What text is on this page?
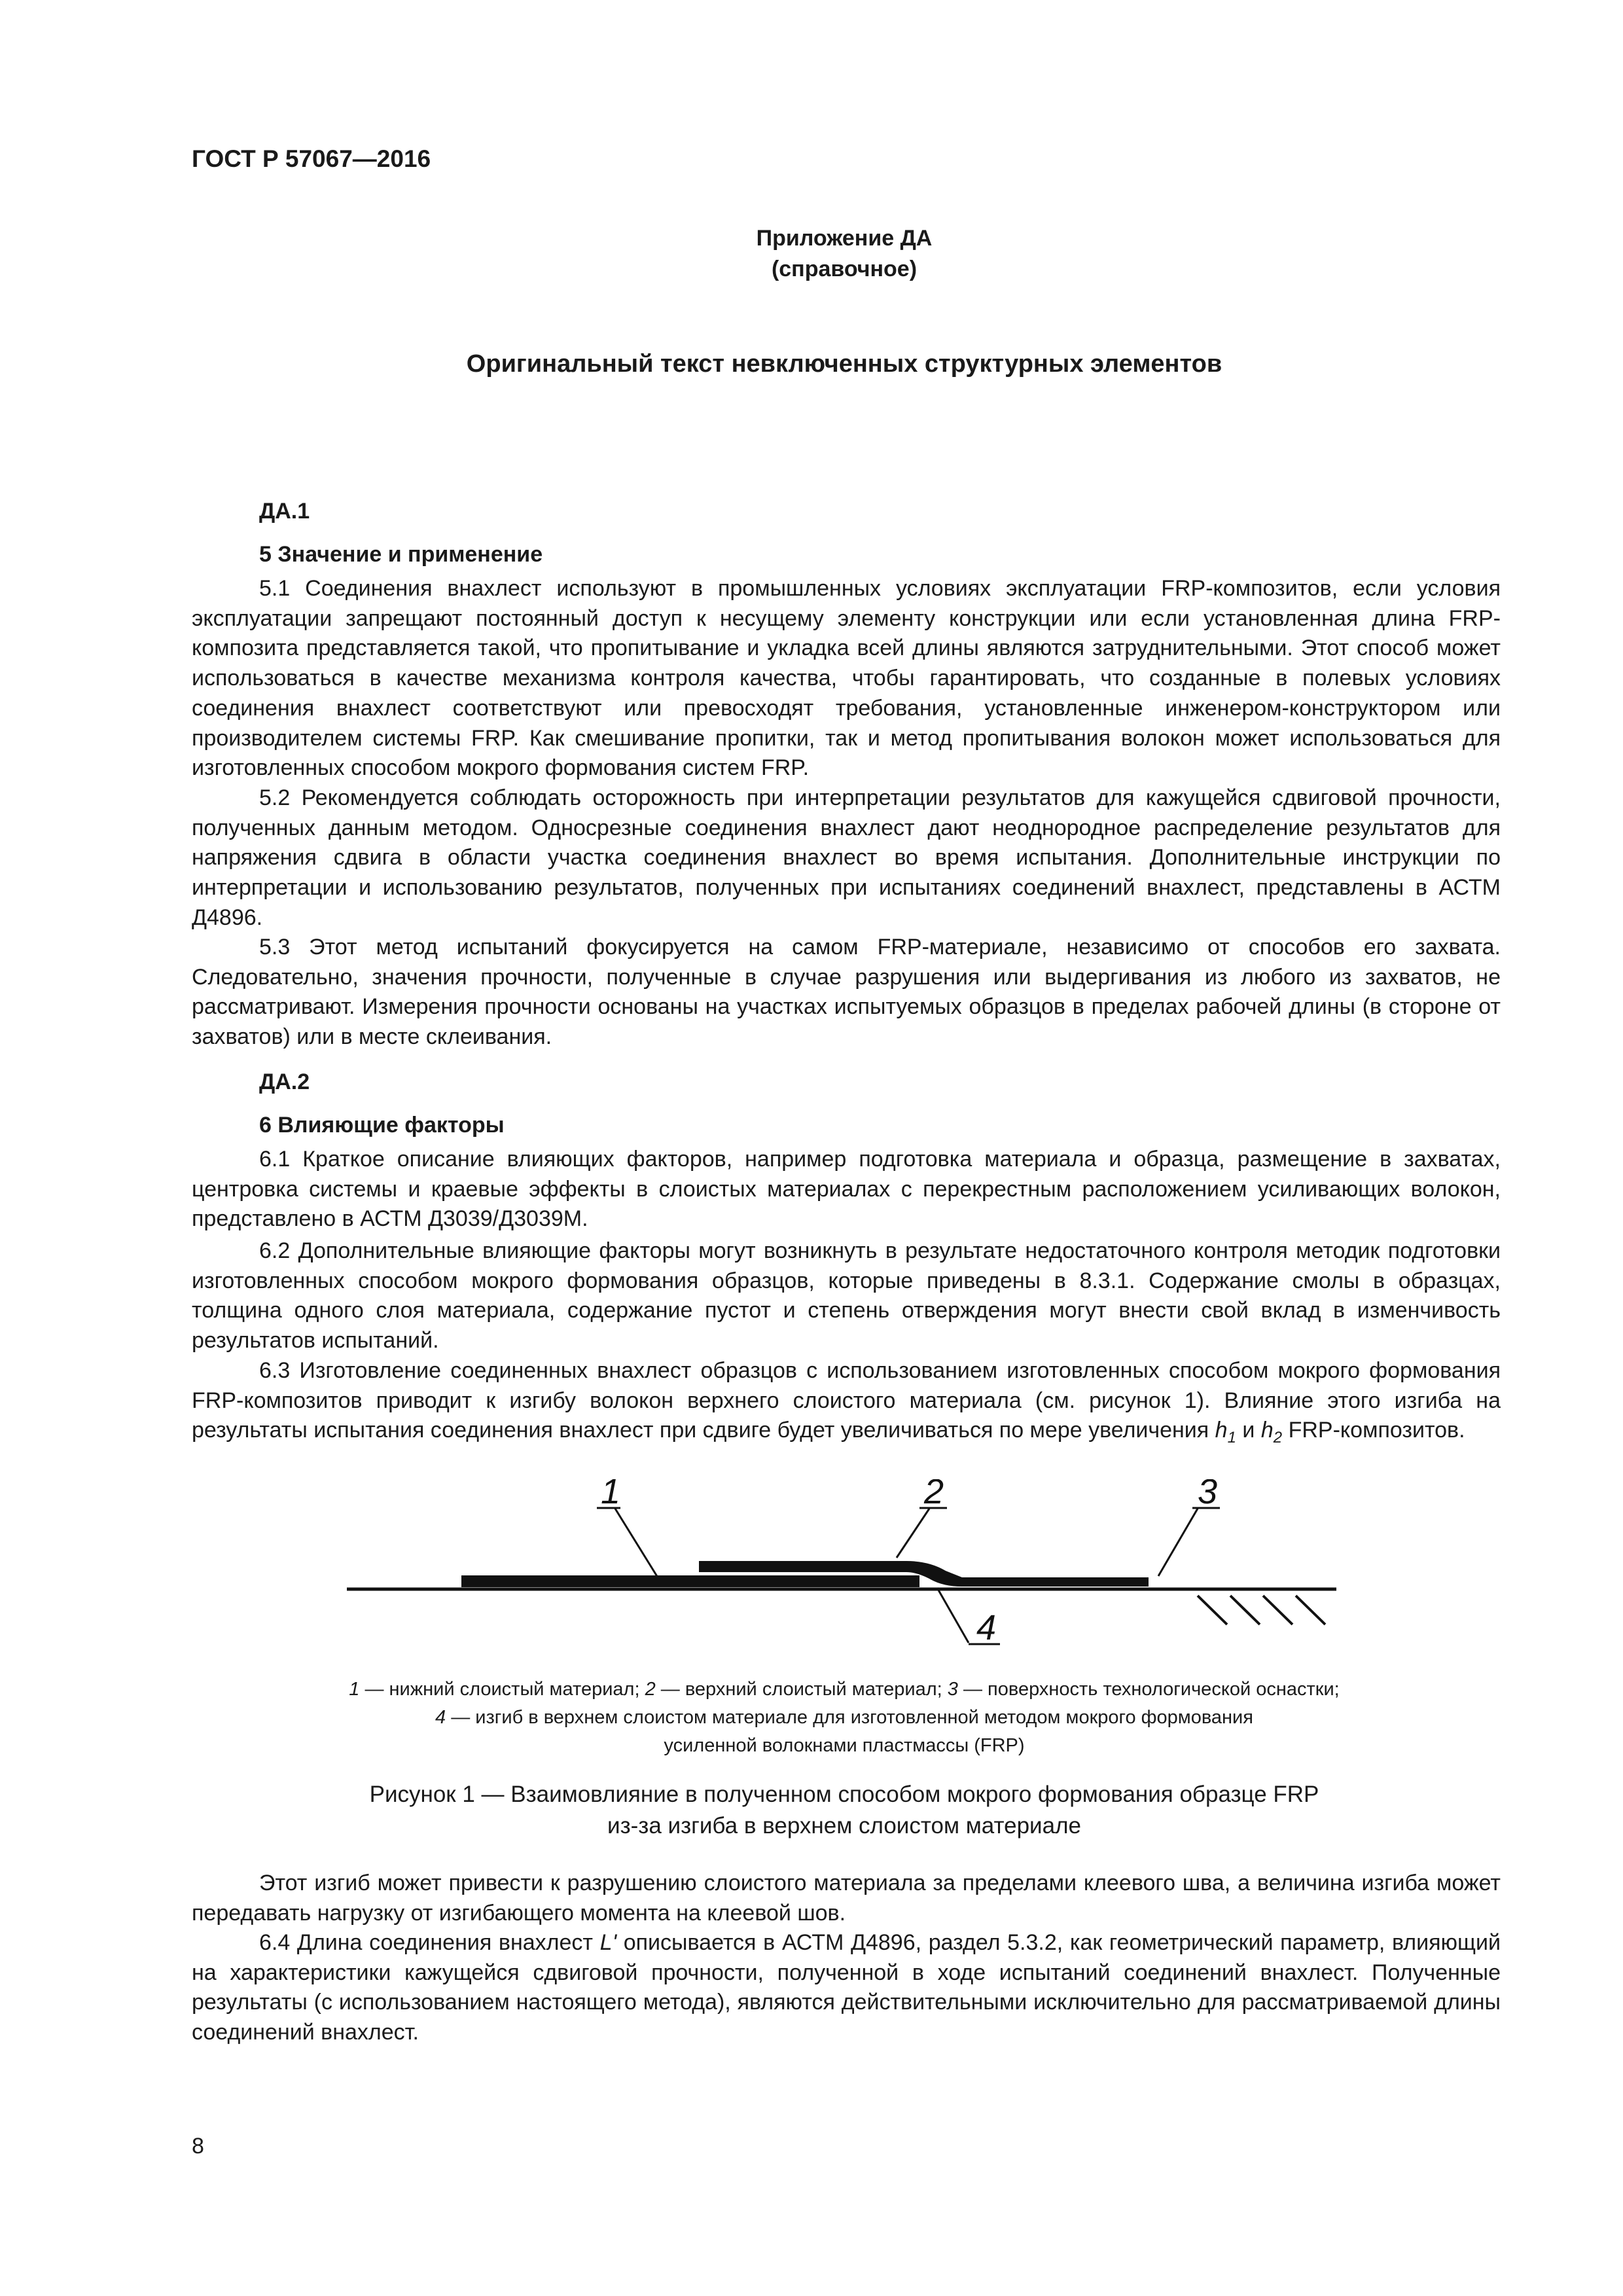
ГОСТ Р 57067—2016
Приложение ДА
(справочное)
Оригинальный текст невключенных структурных элементов
ДА.1
5 Значение и применение

5.1 Соединения внахлест используют в промышленных условиях эксплуатации FRP-композитов, если условия эксплуатации запрещают постоянный доступ к несущему элементу конструкции или если установленная длина FRP-композита представляется такой, что пропитывание и укладка всей длины являются затруднительными. Этот способ может использоваться в качестве механизма контроля качества, чтобы гарантировать, что созданные в полевых условиях соединения внахлест соответствуют или превосходят требования, установленные инженером-конструктором или производителем системы FRP. Как смешивание пропитки, так и метод пропитывания волокон может использоваться для изготовленных способом мокрого формования систем FRP.

5.2 Рекомендуется соблюдать осторожность при интерпретации результатов для кажущейся сдвиговой прочности, полученных данным методом. Односрезные соединения внахлест дают неоднородное распределение результатов для напряжения сдвига в области участка соединения внахлест во время испытания. Дополнительные инструкции по интерпретации и использованию результатов, полученных при испытаниях соединений внахлест, представлены в АСТМ Д4896.

5.3 Этот метод испытаний фокусируется на самом FRP-материале, независимо от способов его захвата. Следовательно, значения прочности, полученные в случае разрушения или выдергивания из любого из захватов, не рассматривают. Измерения прочности основаны на участках испытуемых образцов в пределах рабочей длины (в стороне от захватов) или в месте склеивания.

ДА.2
6 Влияющие факторы

6.1 Краткое описание влияющих факторов, например подготовка материала и образца, размещение в захватах, центровка системы и краевые эффекты в слоистых материалах с перекрестным расположением усиливающих волокон, представлено в АСТМ Д3039/Д3039М.

6.2 Дополнительные влияющие факторы могут возникнуть в результате недостаточного контроля методик подготовки изготовленных способом мокрого формования образцов, которые приведены в 8.3.1. Содержание смолы в образцах, толщина одного слоя материала, содержание пустот и степень отверждения могут внести свой вклад в изменчивость результатов испытаний.

6.3 Изготовление соединенных внахлест образцов с использованием изготовленных способом мокрого формования FRP-композитов приводит к изгибу волокон верхнего слоистого материала (см. рисунок 1). Влияние этого изгиба на результаты испытания соединения внахлест при сдвиге будет увеличиваться по мере увеличения $h_1$ и $h_2$ FRP-композитов.

1	2	3
4
1 — нижний слоистый материал; 2 — верхний слоистый материал; 3 — поверхность технологической оснастки;
4 — изгиб в верхнем слоистом материале для изготовленной методом мокрого формования
усиленной волокнами пластмассы (FRP)
Рисунок 1 — Взаимовлияние в полученном способом мокрого формования образце FRP
из-за изгиба в верхнем слоистом материале

Этот изгиб может привести к разрушению слоистого материала за пределами клеевого шва, а величина изгиба может передавать нагрузку от изгибающего момента на клеевой шов.

6.4 Длина соединения внахлест L' описывается в АСТМ Д4896, раздел 5.3.2, как геометрический параметр, влияющий на характеристики кажущейся сдвиговой прочности, полученной в ходе испытаний соединений внахлест. Полученные результаты (с использованием настоящего метода), являются действительными исключительно для рассматриваемой длины соединений внахлест.

8
